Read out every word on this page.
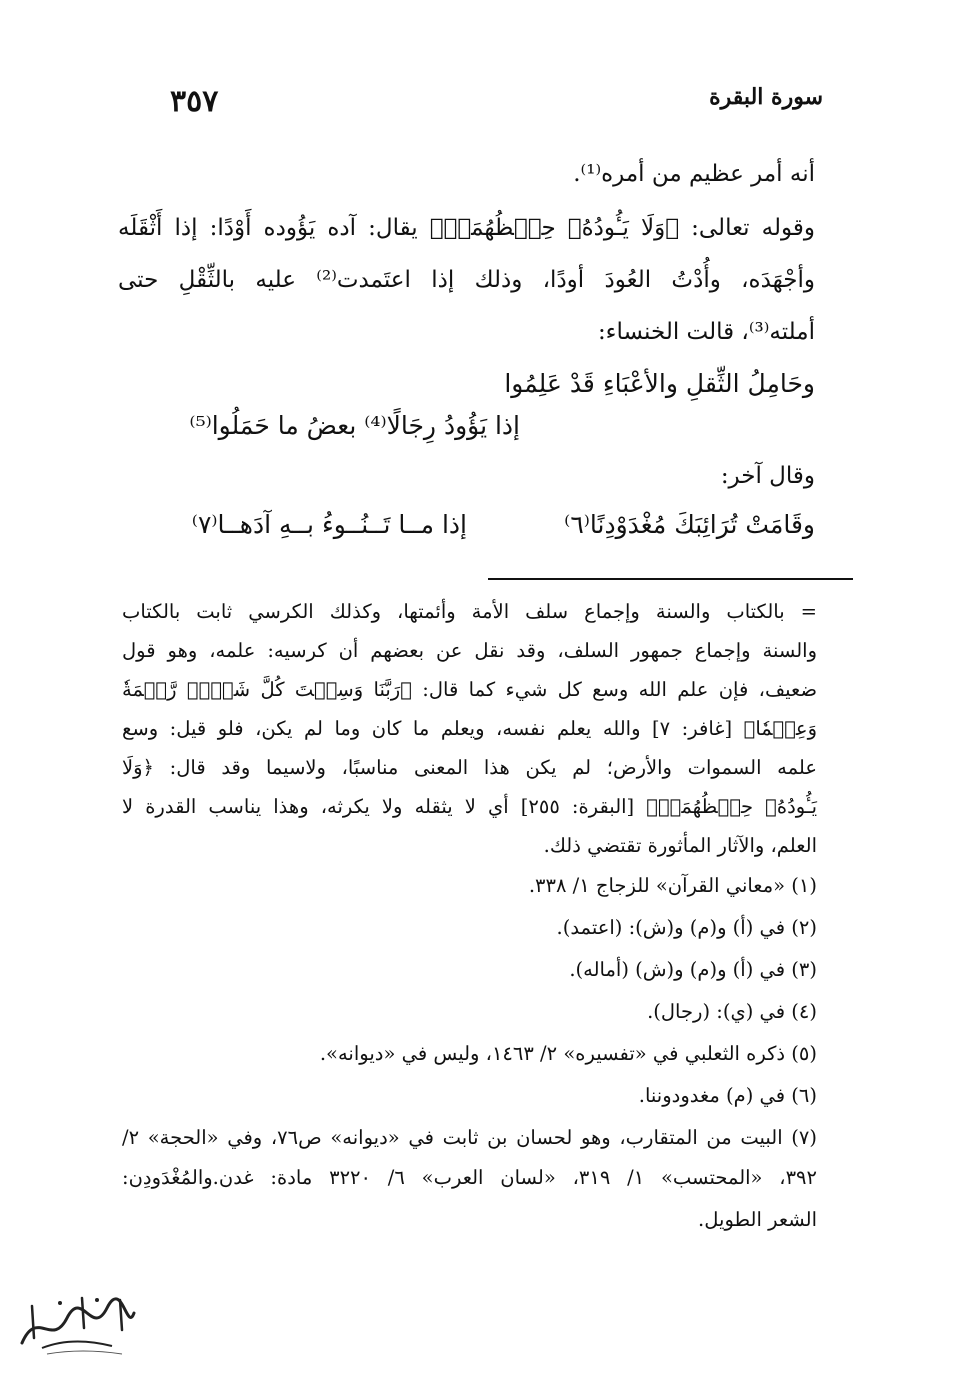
سورة البقرة
٣٥٧
أنه أمر عظيم من أمره⁽¹⁾.
وقوله تعالى: ﴿وَلَا يَـُٔودُهُۥ حِفۡظُهُمَاۚ﴾ يقال: آده يَؤُوده أَوْدًا: إذا أَثْقَلَه
وأجْهَدَه، وأُدْتُ العُودَ أودًا، وذلك إذا اعتَمدت⁽²⁾ عليه بالثِّقْلِ حتى
أملته⁽³⁾، قالت الخنساء:
وحَامِلُ الثِّقلِ والأعْبَاءِ قَدْ عَلِمُوا
إذا يَؤُودُ رِجَالًا⁽⁴⁾ بعضُ ما حَمَلُوا⁽⁵⁾
وقال آخر:
وقَامَتْ تُرَائِبَكَ مُغْدَوْدِنًا⁽٦⁾
إذا مــا تَــنُــوءُ بــهِ آدَهــا⁽٧⁾
= بالكتاب والسنة وإجماع سلف الأمة وأئمتها، وكذلك الكرسي ثابت بالكتاب
والسنة وإجماع جمهور السلف، وقد نقل عن بعضهم أن كرسيه: علمه، وهو قول
ضعيف، فإن علم الله وسع كل شيء كما قال: ﴿رَبَّنَا وَسِعۡتَ كُلَّ شَيۡءٖ رَّحۡمَةٗ
وَعِلۡمٗا﴾ [غافر: ٧] والله يعلم نفسه، ويعلم ما كان وما لم يكن، فلو قيل: وسع
علمه السموات والأرض؛ لم يكن هذا المعنى مناسبًا، ولاسيما وقد قال: ﴿وَلَا
يَـُٔودُهُۥ حِفۡظُهُمَاۚ﴾ [البقرة: ٢٥٥] أي لا يثقله ولا يكرثه، وهذا يناسب القدرة لا
العلم، والآثار المأثورة تقتضي ذلك.
(١) «معاني القرآن» للزجاج ١/ ٣٣٨.
(٢) في (أ) و(م) و(ش): (اعتمد).
(٣) في (أ) و(م) و(ش) (أماله).
(٤) في (ي): (رجال).
(٥) ذكره الثعلبي في «تفسيره» ٢/ ١٤٦٣، وليس في «ديوانه».
(٦) في (م) مغدودوننا.
(٧) البيت من المتقارب، وهو لحسان بن ثابت في «ديوانه» ص٧٦، وفي «الحجة» ٢/
٣٩٢، «المحتسب» ١/ ٣١٩، «لسان العرب» ٦/ ٣٢٢٠ مادة: غدن.والمُغْدَودِن:
الشعر الطويل.
